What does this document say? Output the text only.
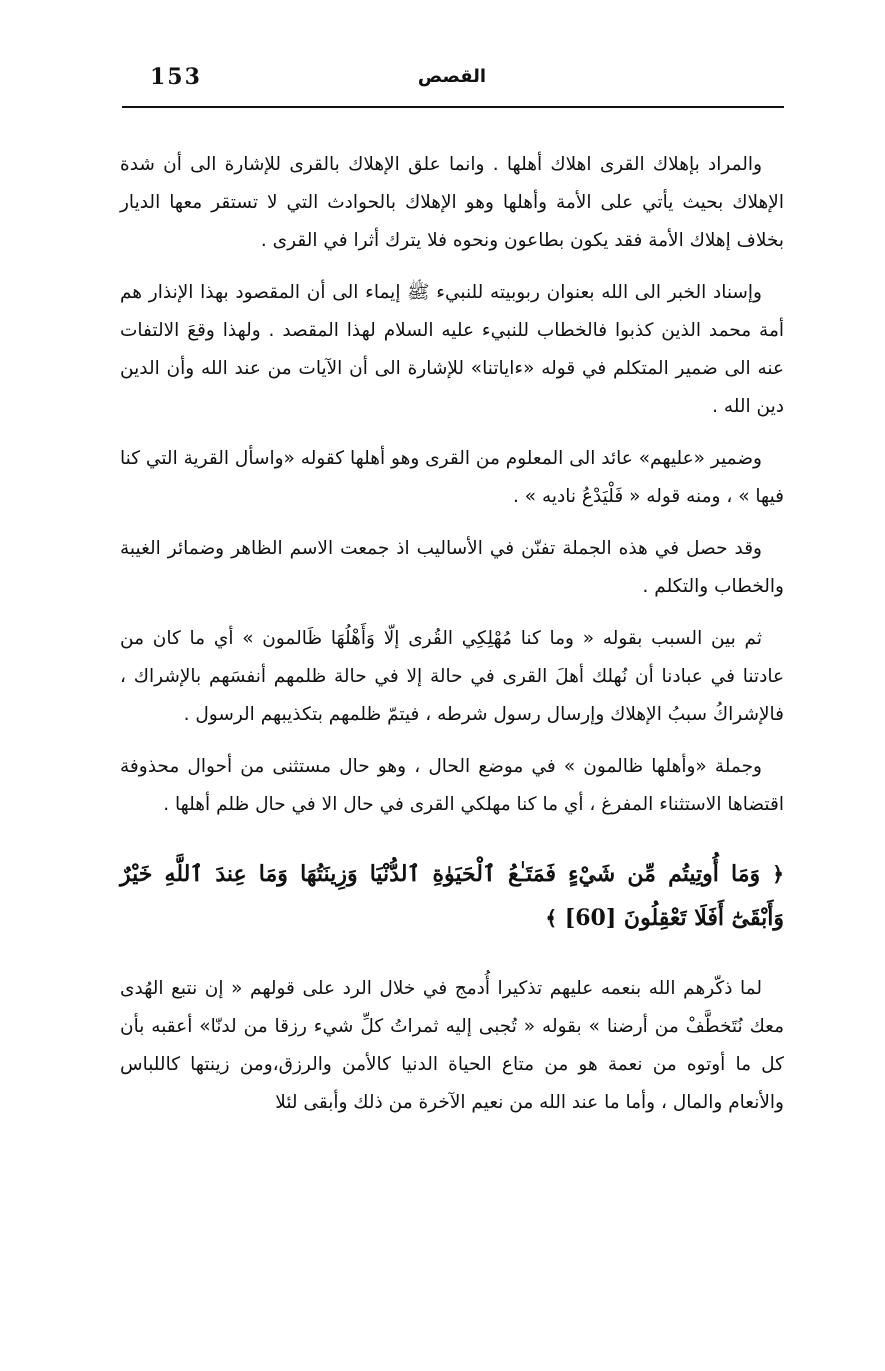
153	القصص

والمراد بإهلاك القرى اهلاك أهلها . وانما علق الإهلاك بالقرى للإشارة الى أن شدة الإهلاك بحيث يأتي على الأمة وأهلها وهو الإهلاك بالحوادث التي لا تستقر معها الديار بخلاف إهلاك الأمة فقد يكون بطاعون ونحوه فلا يترك أثرا في القرى .

وإسناد الخبر الى الله بعنوان ربوبيته للنبيء ﷺ إيماء الى أن المقصود بهذا الإنذار هم أمة محمد الذين كذبوا فالخطاب للنبيء عليه السلام لهذا المقصد . ولهذا وقعَ الالتفات عنه الى ضمير المتكلم في قوله «ءاياتنا» للإشارة الى أن الآيات من عند الله وأن الدين دين الله .

وضمير «عليهم» عائد الى المعلوم من القرى وهو أهلها كقوله «واسأل القرية التي كنا فيها » ، ومنه قوله « فَلْيَدْعُ ناديه » .

وقد حصل في هذه الجملة تفنّن في الأساليب اذ جمعت الاسم الظاهر وضمائر الغيبة والخطاب والتكلم .

ثم بين السبب بقوله « وما كنا مُهْلِكِي القُرى إلّا وَأَهْلُهَا ظَالمون » أي ما كان من عادتنا في عبادنا أن نُهلك أهلَ القرى في حالة إلا في حالة ظلمهم أنفسَهم بالإشراك ، فالإشراكُ سببُ الإهلاك وإرسال رسول شرطه ، فيتمّ ظلمهم بتكذيبهم الرسول .

وجملة «وأهلها ظالمون » في موضع الحال ، وهو حال مستثنى من أحوال محذوفة اقتضاها الاستثناء المفرغ ، أي ما كنا مهلكي القرى في حال الا في حال ظلم أهلها .

﴿ وَمَا أُوتِيتُم مِّن شَيْءٍ فَمَتَـٰعُ ٱلْحَيَوٰةِ ٱلدُّنْيَا وَزِينَتُهَا وَمَا عِندَ ٱللَّهِ خَيْرٌ وَأَبْقَىٰٓ أَفَلَا تَعْقِلُونَ [60] ﴾

لما ذكّرهم الله بنعمه عليهم تذكيرا أُدمج في خلال الرد على قولهم « إن نتبع الهُدى معك نُتَخطَّفْ من أرضنا » بقوله « تُجبى إليه ثمراتُ كلِّ شيء رزقا من لدنّا» أعقبه بأن كل ما أوتوه من نعمة هو من متاع الحياة الدنيا كالأمن والرزق،ومن زينتها كاللباس والأنعام والمال ، وأما ما عند الله من نعيم الآخرة من ذلك وأبقى لئلا
